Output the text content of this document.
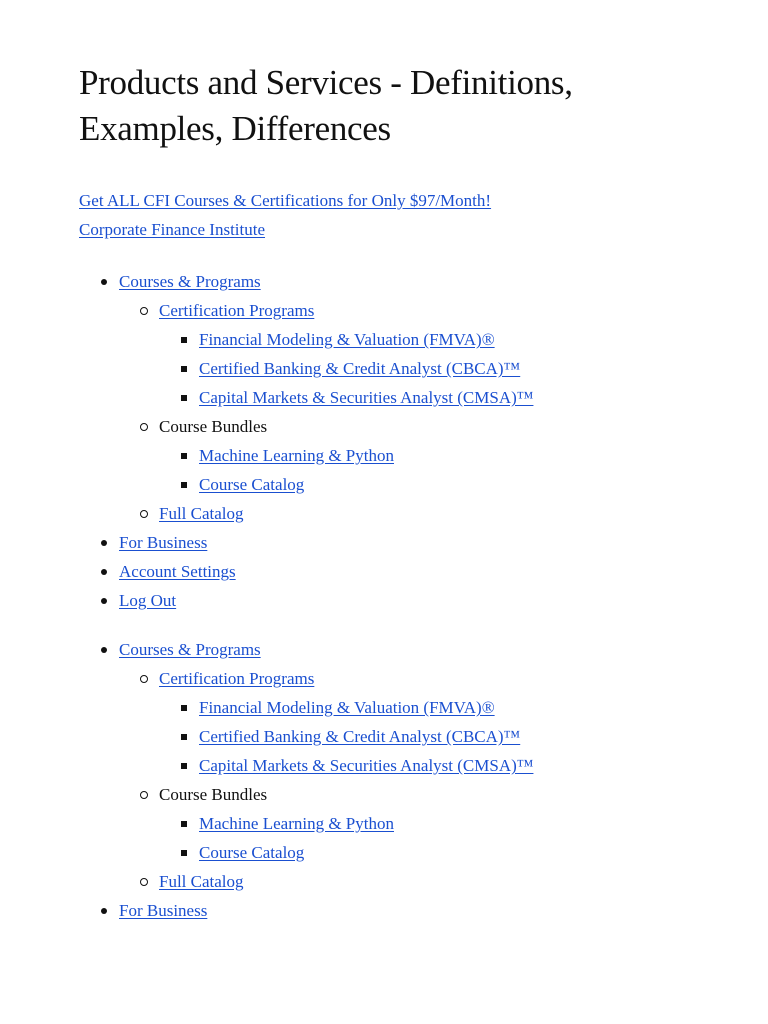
Products and Services - Definitions, Examples, Differences
Get ALL CFI Courses & Certifications for Only $97/Month!
Corporate Finance Institute
Courses & Programs
Certification Programs
Financial Modeling & Valuation (FMVA)®
Certified Banking & Credit Analyst (CBCA)™
Capital Markets & Securities Analyst (CMSA)™
Course Bundles
Machine Learning & Python
Course Catalog
Full Catalog
For Business
Account Settings
Log Out
Courses & Programs
Certification Programs
Financial Modeling & Valuation (FMVA)®
Certified Banking & Credit Analyst (CBCA)™
Capital Markets & Securities Analyst (CMSA)™
Course Bundles
Machine Learning & Python
Course Catalog
Full Catalog
For Business
